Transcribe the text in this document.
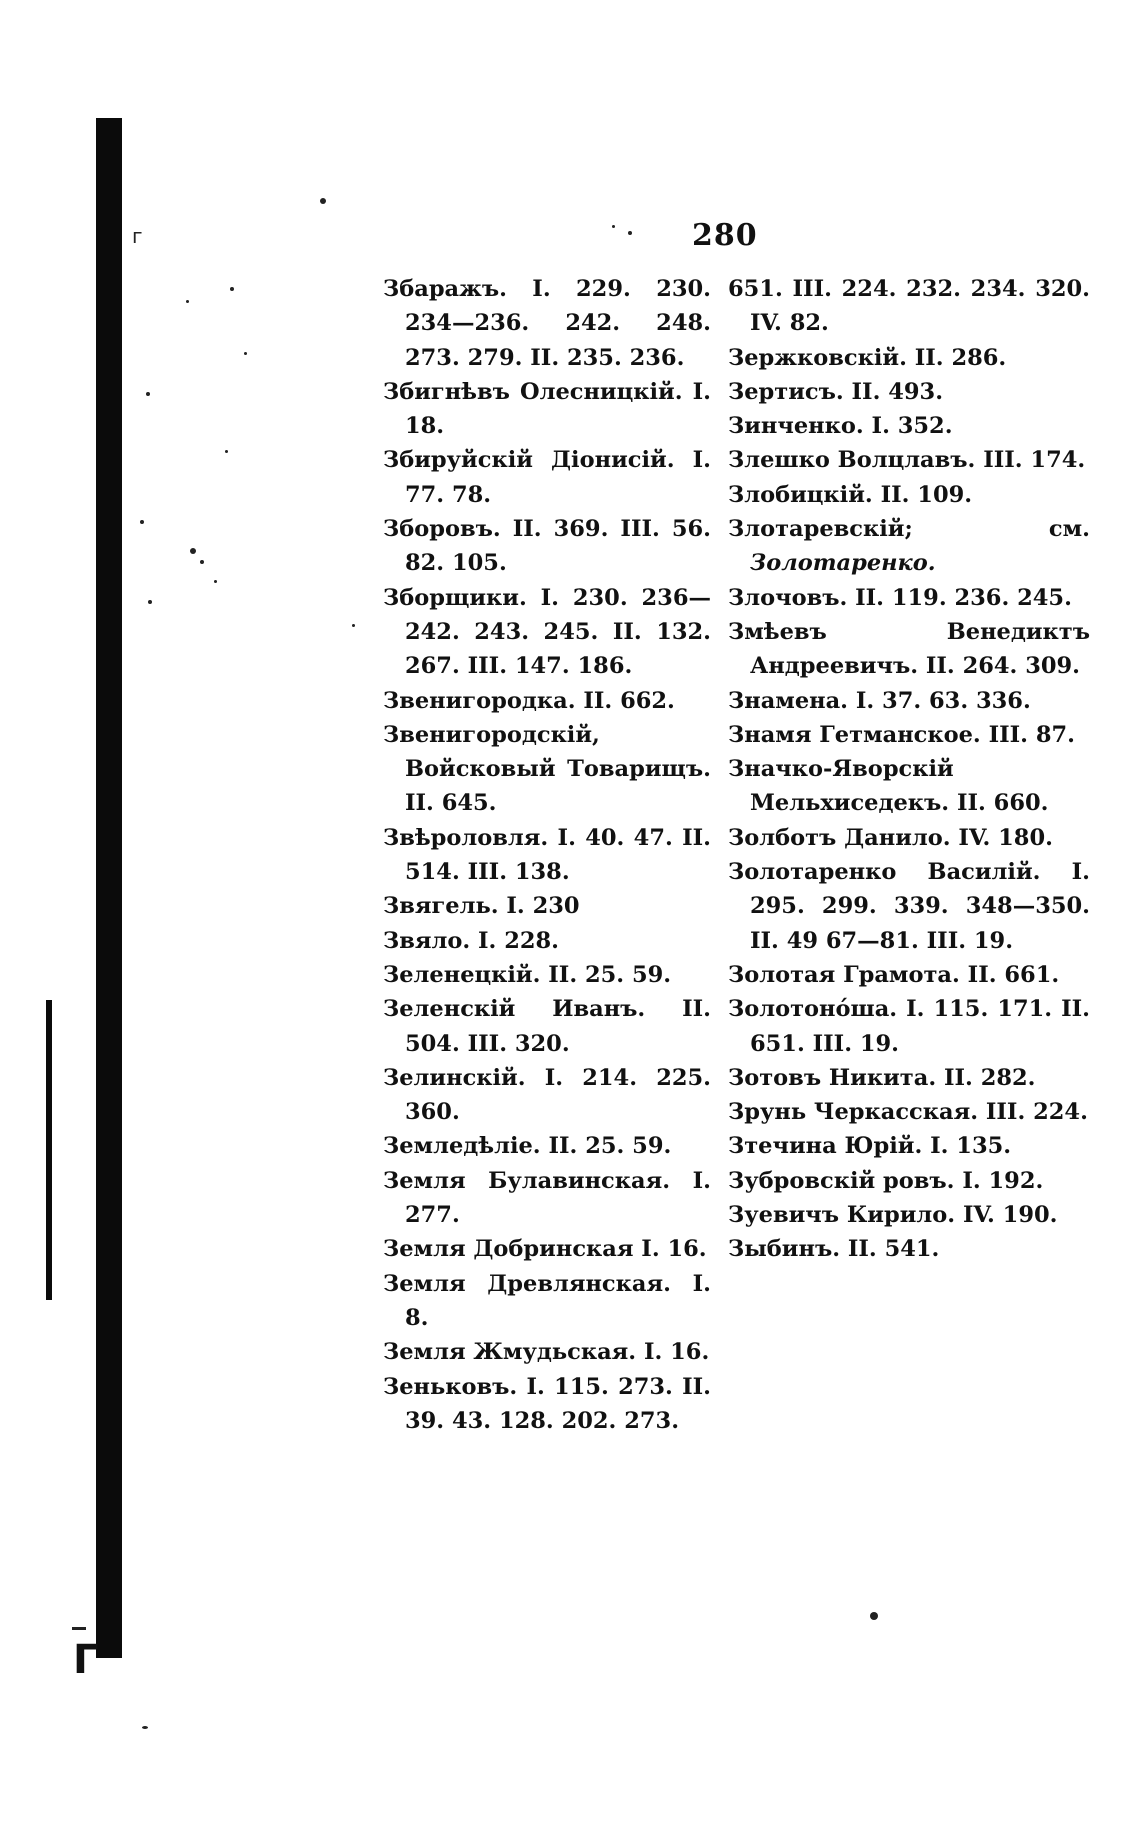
Г
г	280
Збаражъ. I. 229. 230. 234—236. 242. 248. 273. 279. II. 235. 236.
Збигнѣвъ Олесницкій. I. 18.
Збируйскій Діонисій. I. 77. 78.
Зборовъ. II. 369. III. 56. 82. 105.
Зборщики. I. 230. 236—242. 243. 245. II. 132. 267. III. 147. 186.
Звенигородка. II. 662.
Звенигородскій, Войсковый Товарищъ. II. 645.
Звѣроловля. I. 40. 47. II. 514. III. 138.
Звягель. I. 230
Звяло. I. 228.
Зеленецкій. II. 25. 59.
Зеленскій Иванъ. II. 504. III. 320.
Зелинскій. I. 214. 225. 360.
Земледѣліе. II. 25. 59.
Земля Булавинская. I. 277.
Земля Добринская I. 16.
Земля Древлянская. I. 8.
Земля Жмудьская. I. 16.
Зеньковъ. I. 115. 273. II. 39. 43. 128. 202. 273.
651. III. 224. 232. 234. 320. IV. 82.
Зержковскій. II. 286.
Зертисъ. II. 493.
Зинченко. I. 352.
Злешко Волцлавъ. III. 174.
Злобицкій. II. 109.
Злотаревскій; см. Золотаренко.
Злочовъ. II. 119. 236. 245.
Змѣевъ Венедиктъ Андреевичъ. II. 264. 309.
Знамена. I. 37. 63. 336.
Знамя Гетманское. III. 87.
Значко-Яворскій Мельхиседекъ. II. 660.
Золботъ Данило. IV. 180.
Золотаренко Василій. I. 295. 299. 339. 348—350. II. 49 67—81. III. 19.
Золотая Грамота. II. 661.
Золотоно́ша. I. 115. 171. II. 651. III. 19.
Зотовъ Никита. II. 282.
Зрунь Черкасская. III. 224.
Зтечина Юрій. I. 135.
Зубровскій ровъ. I. 192.
Зуевичъ Кирило. IV. 190.
Зыбинъ. II. 541.
